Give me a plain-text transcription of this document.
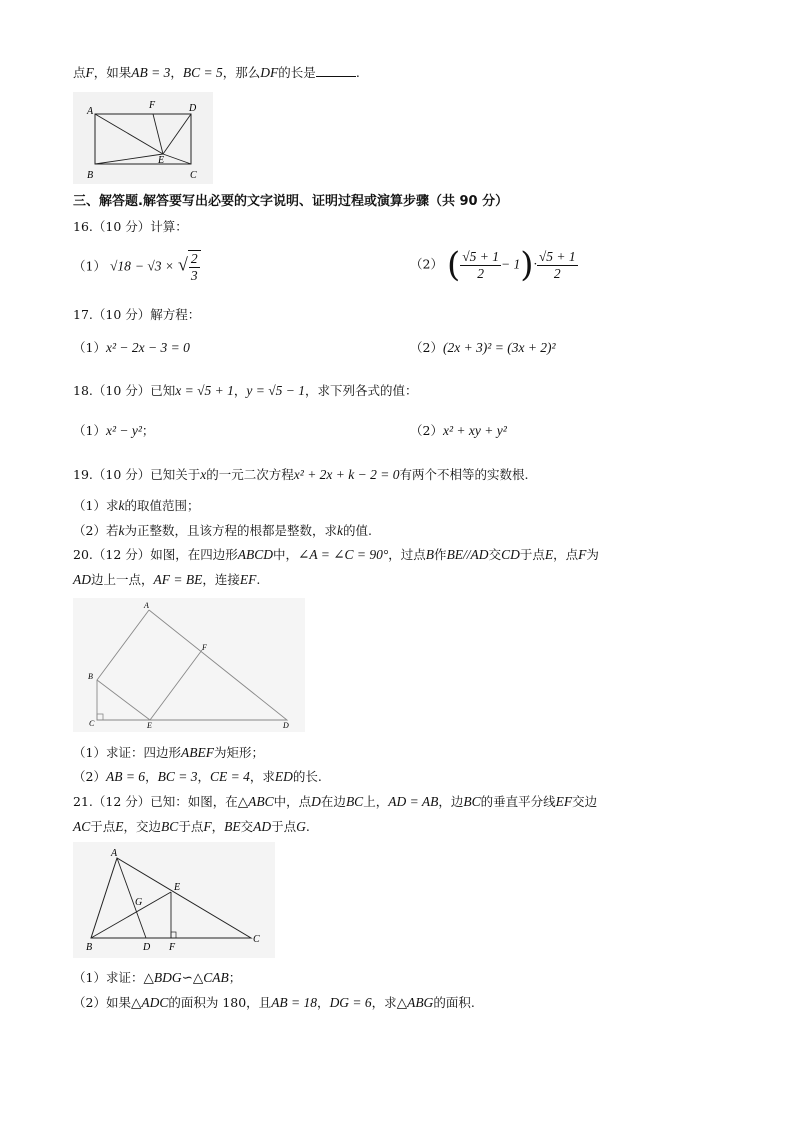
点F，如果AB = 3，BC = 5，那么DF的长是	.
A
F	D
E
B	C
三、解答题.解答要写出必要的文字说明、证明过程或演算步骤（共 90 分）
16.（10 分）计算：
（1） √18 − √3 × √ $\frac{2}{3}$	（2） ( $\frac{√5 + 1}{2} - 1)\cdot \frac{√5 + 1}{2}$
17.（10 分）解方程：
（1）x² − 2x − 3 = 0	（2）(2x + 3)² = (3x + 2)²
18.（10 分）已知x = √5 + 1，y = √5 − 1，求下列各式的值：
（1）x² − y²；	（2）x² + xy + y²
19.（10 分）已知关于x的一元二次方程x² + 2x + k − 2 = 0有两个不相等的实数根.
（1）求k的取值范围；
（2）若k为正整数，且该方程的根都是整数，求k的值.
20.（12 分）如图，在四边形ABCD中，∠A = ∠C = 90°，过点B作BE//AD交CD于点E，点F为
AD边上一点，AF = BE，连接EF.
A
F
B
C	E	D
（1）求证：四边形ABEF为矩形；
（2）AB = 6，BC = 3，CE = 4，求ED的长.
21.（12 分）已知：如图，在△ABC中，点D在边BC上，AD = AB，边BC的垂直平分线EF交边
AC于点E，交边BC于点F，BE交AD于点G.
A
E
G
B	D F
C
（1）求证：△BDG∽△CAB；
（2）如果△ADC的面积为 180，且AB = 18，DG = 6，求△ABG的面积.
